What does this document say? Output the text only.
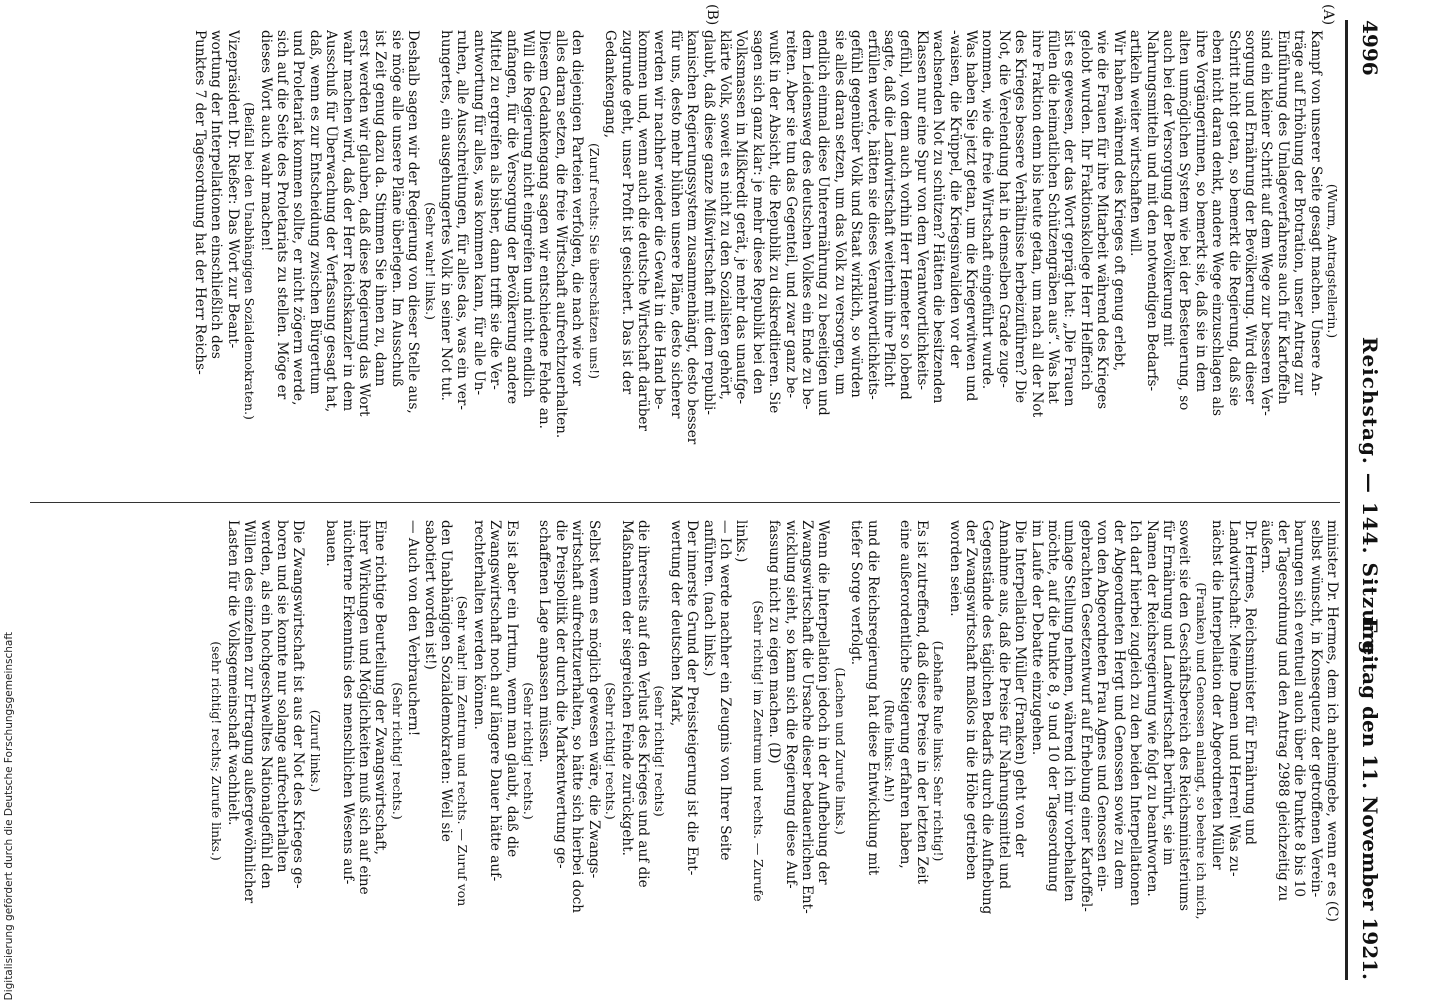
4996
Reichstag. — 144. Sitzung.
Freitag den 11. November 1921.
(A)
(B)
(Wurm, Antragstellerin.)
Kampf von unserer Seite gesagt machen. Unsere An-
träge auf Erhöhung der Brotration, unser Antrag zur
Einführung des Umlageverfahrens auch für Kartoffeln
sind ein kleiner Schritt auf dem Wege zur besseren Ver-
sorgung und Ernährung der Bevölkerung. Wird dieser
Schritt nicht getan, so bemerkt die Regierung, daß sie
eben nicht daran denkt, andere Wege einzuschlagen als
ihre Vorgängerinnen, so bemerkt sie, daß sie in dem
alten unmöglichen System wie bei der Besteuerung, so
auch bei der Versorgung der Bevölkerung mit
Nahrungsmitteln und mit den notwendigen Bedarfs-
artikeln weiter wirtschaften will.
Wir haben während des Krieges oft genug erlebt,
wie die Frauen für ihre Mitarbeit während des Krieges
gelobt wurden. Ihr Fraktionskollege Herr Helfferich
ist es gewesen, der das Wort geprägt hat: „Die Frauen
füllen die heimatlichen Schützengräben aus“. Was hat
ihre Fraktion denn bis heute getan, um nach all der Not
des Krieges bessere Verhältnisse herbeizuführen? Die
Not, die Verelendung hat in demselben Grade zuge-
nommen, wie die freie Wirtschaft eingeführt wurde.
Was haben Sie jetzt getan, um die Kriegerwitwen und
-waisen, die Krüppel, die Kriegsinvaliden vor der
wachsenden Not zu schützen? Hätten die besitzenden
Klassen nur eine Spur von dem Verantwortlichkeits-
gefühl, von dem auch vorhin Herr Hemeter so lobend
sagte, daß die Landwirtschaft weiterhin ihre Pflicht
erfüllen werde, hätten sie dieses Verantwortlichkeits-
gefühl gegenüber Volk und Staat wirklich, so würden
sie alles daran setzen, um das Volk zu versorgen, um
endlich einmal diese Unterernährung zu beseitigen und
dem Leidensweg des deutschen Volkes ein Ende zu be-
reiten. Aber sie tun das Gegenteil, und zwar ganz be-
wußt in der Absicht, die Republik zu diskreditieren. Sie
sagen sich ganz klar: je mehr diese Republik bei den
Volksmassen in Mißkredit gerät, je mehr das unaufge-
klärte Volk, soweit es nicht zu den Sozialisten gehört,
glaubt, daß diese ganze Mißwirtschaft mit dem republi-
kanischen Regierungssystem zusammenhängt, desto besser
für uns, desto mehr blühen unsere Pläne, desto sicherer
werden wir nachher wieder die Gewalt in die Hand be-
kommen und, wenn auch die deutsche Wirtschaft darüber
zugrunde geht, unser Profit ist gesichert. Das ist der
Gedankengang,
(Zuruf rechts: Sie überschätzen uns!)
den diejenigen Parteien verfolgen, die nach wie vor
alles daran setzen, die freie Wirtschaft aufrechtzuerhalten.
Diesem Gedankengang sagen wir entschiedene Fehde an.
Will die Regierung nicht eingreifen und nicht endlich
anfangen, für die Versorgung der Bevölkerung andere
Mittel zu ergreifen als bisher, dann trifft sie die Ver-
antwortung für alles, was kommen kann, für alle Un-
ruhen, alle Ausschreitungen, für alles das, was ein ver-
hungertes, ein ausgehungertes Volk in seiner Not tut.
(Sehr wahr! links.)
Deshalb sagen wir der Regierung von dieser Stelle aus,
sie möge alle unsere Pläne überlegen. Im Ausschuß
ist Zeit genug dazu da. Stimmen Sie ihnen zu, dann
erst werden wir glauben, daß diese Regierung das Wort
wahr machen wird, daß der Herr Reichskanzler in dem
Ausschuß für Überwachung der Verfassung gesagt hat,
daß, wenn es zur Entscheidung zwischen Bürgertum
und Proletariat kommen sollte, er nicht zögern werde,
sich auf die Seite des Proletariats zu stellen. Möge er
dieses Wort auch wahr machen!
(Beifall bei den Unabhängigen Sozialdemokraten.)
Vizepräsident Dr. Rießer: Das Wort zur Beant-
wortung der Interpellationen einschließlich des
Punktes 7 der Tagesordnung hat der Herr Reichs-
minister Dr. Hermes, dem ich anheimgebe, wenn er es (C)
selbst wünscht, in Konsequenz der getroffenen Verein-
barungen sich eventuell auch über die Punkte 8 bis 10
der Tagesordnung und den Antrag 2988 gleichzeitig zu
äußern.
Dr. Hermes, Reichsminister für Ernährung und
Landwirtschaft: Meine Damen und Herren! Was zu-
nächst die Interpellation der Abgeordneten Müller
(Franken) und Genossen anlangt, so beehre ich mich,
soweit sie den Geschäftsbereich des Reichsministeriums
für Ernährung und Landwirtschaft berührt, sie im
Namen der Reichsregierung wie folgt zu beantworten.
Ich darf hierbei zugleich zu den beiden Interpellationen
der Abgeordneten Hergt und Genossen sowie zu dem
von den Abgeordneten Frau Agnes und Genossen ein-
gebrachten Gesetzentwurf auf Erhebung einer Kartoffel-
umlage Stellung nehmen, während ich mir vorbehalten
möchte, auf die Punkte 8, 9 und 10 der Tagesordnung
im Laufe der Debatte einzugehen.
Die Interpellation Müller (Franken) geht von der
Annahme aus, daß die Preise für Nahrungsmittel und
Gegenstände des täglichen Bedarfs durch die Aufhebung
der Zwangswirtschaft maßlos in die Höhe getrieben
worden seien.
(Lebhafte Rufe links: Sehr richtig!)
Es ist zutreffend, daß diese Preise in der letzten Zeit
eine außerordentliche Steigerung erfahren haben,
(Rufe links: Ah!)
und die Reichsregierung hat diese Entwicklung mit
tiefer Sorge verfolgt.
(Lachen und Zurufe links.)
Wenn die Interpellation jedoch in der Aufhebung der
Zwangswirtschaft die Ursache dieser bedauerlichen Ent-
wicklung sieht, so kann sich die Regierung diese Auf-
fassung nicht zu eigen machen. (D)
(Sehr richtig! im Zentrum und rechts. — Zurufe
links.)
— Ich werde nachher ein Zeugnis von Ihrer Seite
anführen. (nach links.)
Der innerste Grund der Preissteigerung ist die Ent-
wertung der deutschen Mark,
(sehr richtig! rechts)
die ihrerseits auf den Verlust des Krieges und auf die
Maßnahmen der siegreichen Feinde zurückgeht.
(Sehr richtig! rechts.)
Selbst wenn es möglich gewesen wäre, die Zwangs-
wirtschaft aufrechtzuerhalten, so hätte sich hierbei doch
die Preispolitik der durch die Markentwertung ge-
schaffenen Lage anpassen müssen.
(Sehr richtig! rechts.)
Es ist aber ein Irrtum, wenn man glaubt, daß die
Zwangswirtschaft noch auf längere Dauer hätte auf-
rechterhalten werden können.
(Sehr wahr! im Zentrum und rechts. — Zuruf von
den Unabhängigen Sozialdemokraten: Weil sie
sabotiert worden ist!)
— Auch von den Verbrauchern!
(Sehr richtig! rechts.)
Eine richtige Beurteilung der Zwangswirtschaft,
ihrer Wirkungen und Möglichkeiten muß sich auf eine
nüchterne Erkenntnis des menschlichen Wesens auf-
bauen.
(Zuruf links.)
Die Zwangswirtschaft ist aus der Not des Krieges ge-
boren und sie konnte nur solange aufrechterhalten
werden, als ein hochgeschwelltes Nationalgefühl den
Willen des einzelnen zur Ertragung außergewöhnlicher
Lasten für die Volksgemeinschaft wachhielt.
(sehr richtig! rechts; Zurufe links.)
Digitalisierung gefördert durch die Deutsche Forschungsgemeinschaft
